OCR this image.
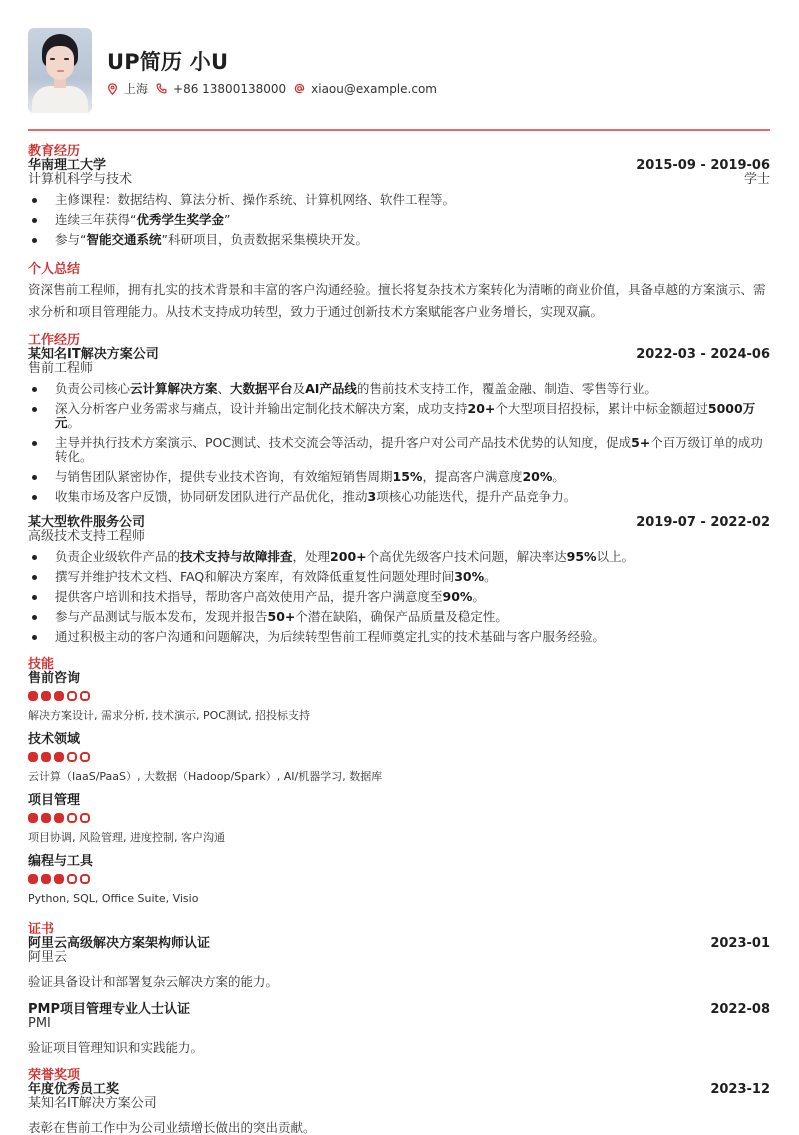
UP简历 小U
上海 +86 13800138000 xiaou@example.com
教育经历
华南理工大学	2015-09 - 2019-06
计算机科学与技术	学士
主修课程：数据结构、算法分析、操作系统、计算机网络、软件工程等。
连续三年获得“优秀学生奖学金”
参与“智能交通系统”科研项目，负责数据采集模块开发。
个人总结
资深售前工程师，拥有扎实的技术背景和丰富的客户沟通经验。擅长将复杂技术方案转化为清晰的商业价值，具备卓越的方案演示、需求分析和项目管理能力。从技术支持成功转型，致力于通过创新技术方案赋能客户业务增长，实现双赢。
工作经历
某知名IT解决方案公司	2022-03 - 2024-06
售前工程师
负责公司核心云计算解决方案、大数据平台及AI产品线的售前技术支持工作，覆盖金融、制造、零售等行业。
深入分析客户业务需求与痛点，设计并输出定制化技术解决方案，成功支持20+个大型项目招投标，累计中标金额超过5000万元。
主导并执行技术方案演示、POC测试、技术交流会等活动，提升客户对公司产品技术优势的认知度，促成5+个百万级订单的成功转化。
与销售团队紧密协作，提供专业技术咨询，有效缩短销售周期15%，提高客户满意度20%。
收集市场及客户反馈，协同研发团队进行产品优化，推动3项核心功能迭代，提升产品竞争力。
某大型软件服务公司	2019-07 - 2022-02
高级技术支持工程师
负责企业级软件产品的技术支持与故障排查，处理200+个高优先级客户技术问题，解决率达95%以上。
撰写并维护技术文档、FAQ和解决方案库，有效降低重复性问题处理时间30%。
提供客户培训和技术指导，帮助客户高效使用产品，提升客户满意度至90%。
参与产品测试与版本发布，发现并报告50+个潜在缺陷，确保产品质量及稳定性。
通过积极主动的客户沟通和问题解决，为后续转型售前工程师奠定扎实的技术基础与客户服务经验。
技能
售前咨询
解决方案设计, 需求分析, 技术演示, POC测试, 招投标支持
技术领域
云计算（IaaS/PaaS）, 大数据（Hadoop/Spark）, AI/机器学习, 数据库
项目管理
项目协调, 风险管理, 进度控制, 客户沟通
编程与工具
Python, SQL, Office Suite, Visio
证书
阿里云高级解决方案架构师认证	2023-01
阿里云
验证具备设计和部署复杂云解决方案的能力。
PMP项目管理专业人士认证	2022-08
PMI
验证项目管理知识和实践能力。
荣誉奖项
年度优秀员工奖	2023-12
某知名IT解决方案公司
表彰在售前工作中为公司业绩增长做出的突出贡献。
